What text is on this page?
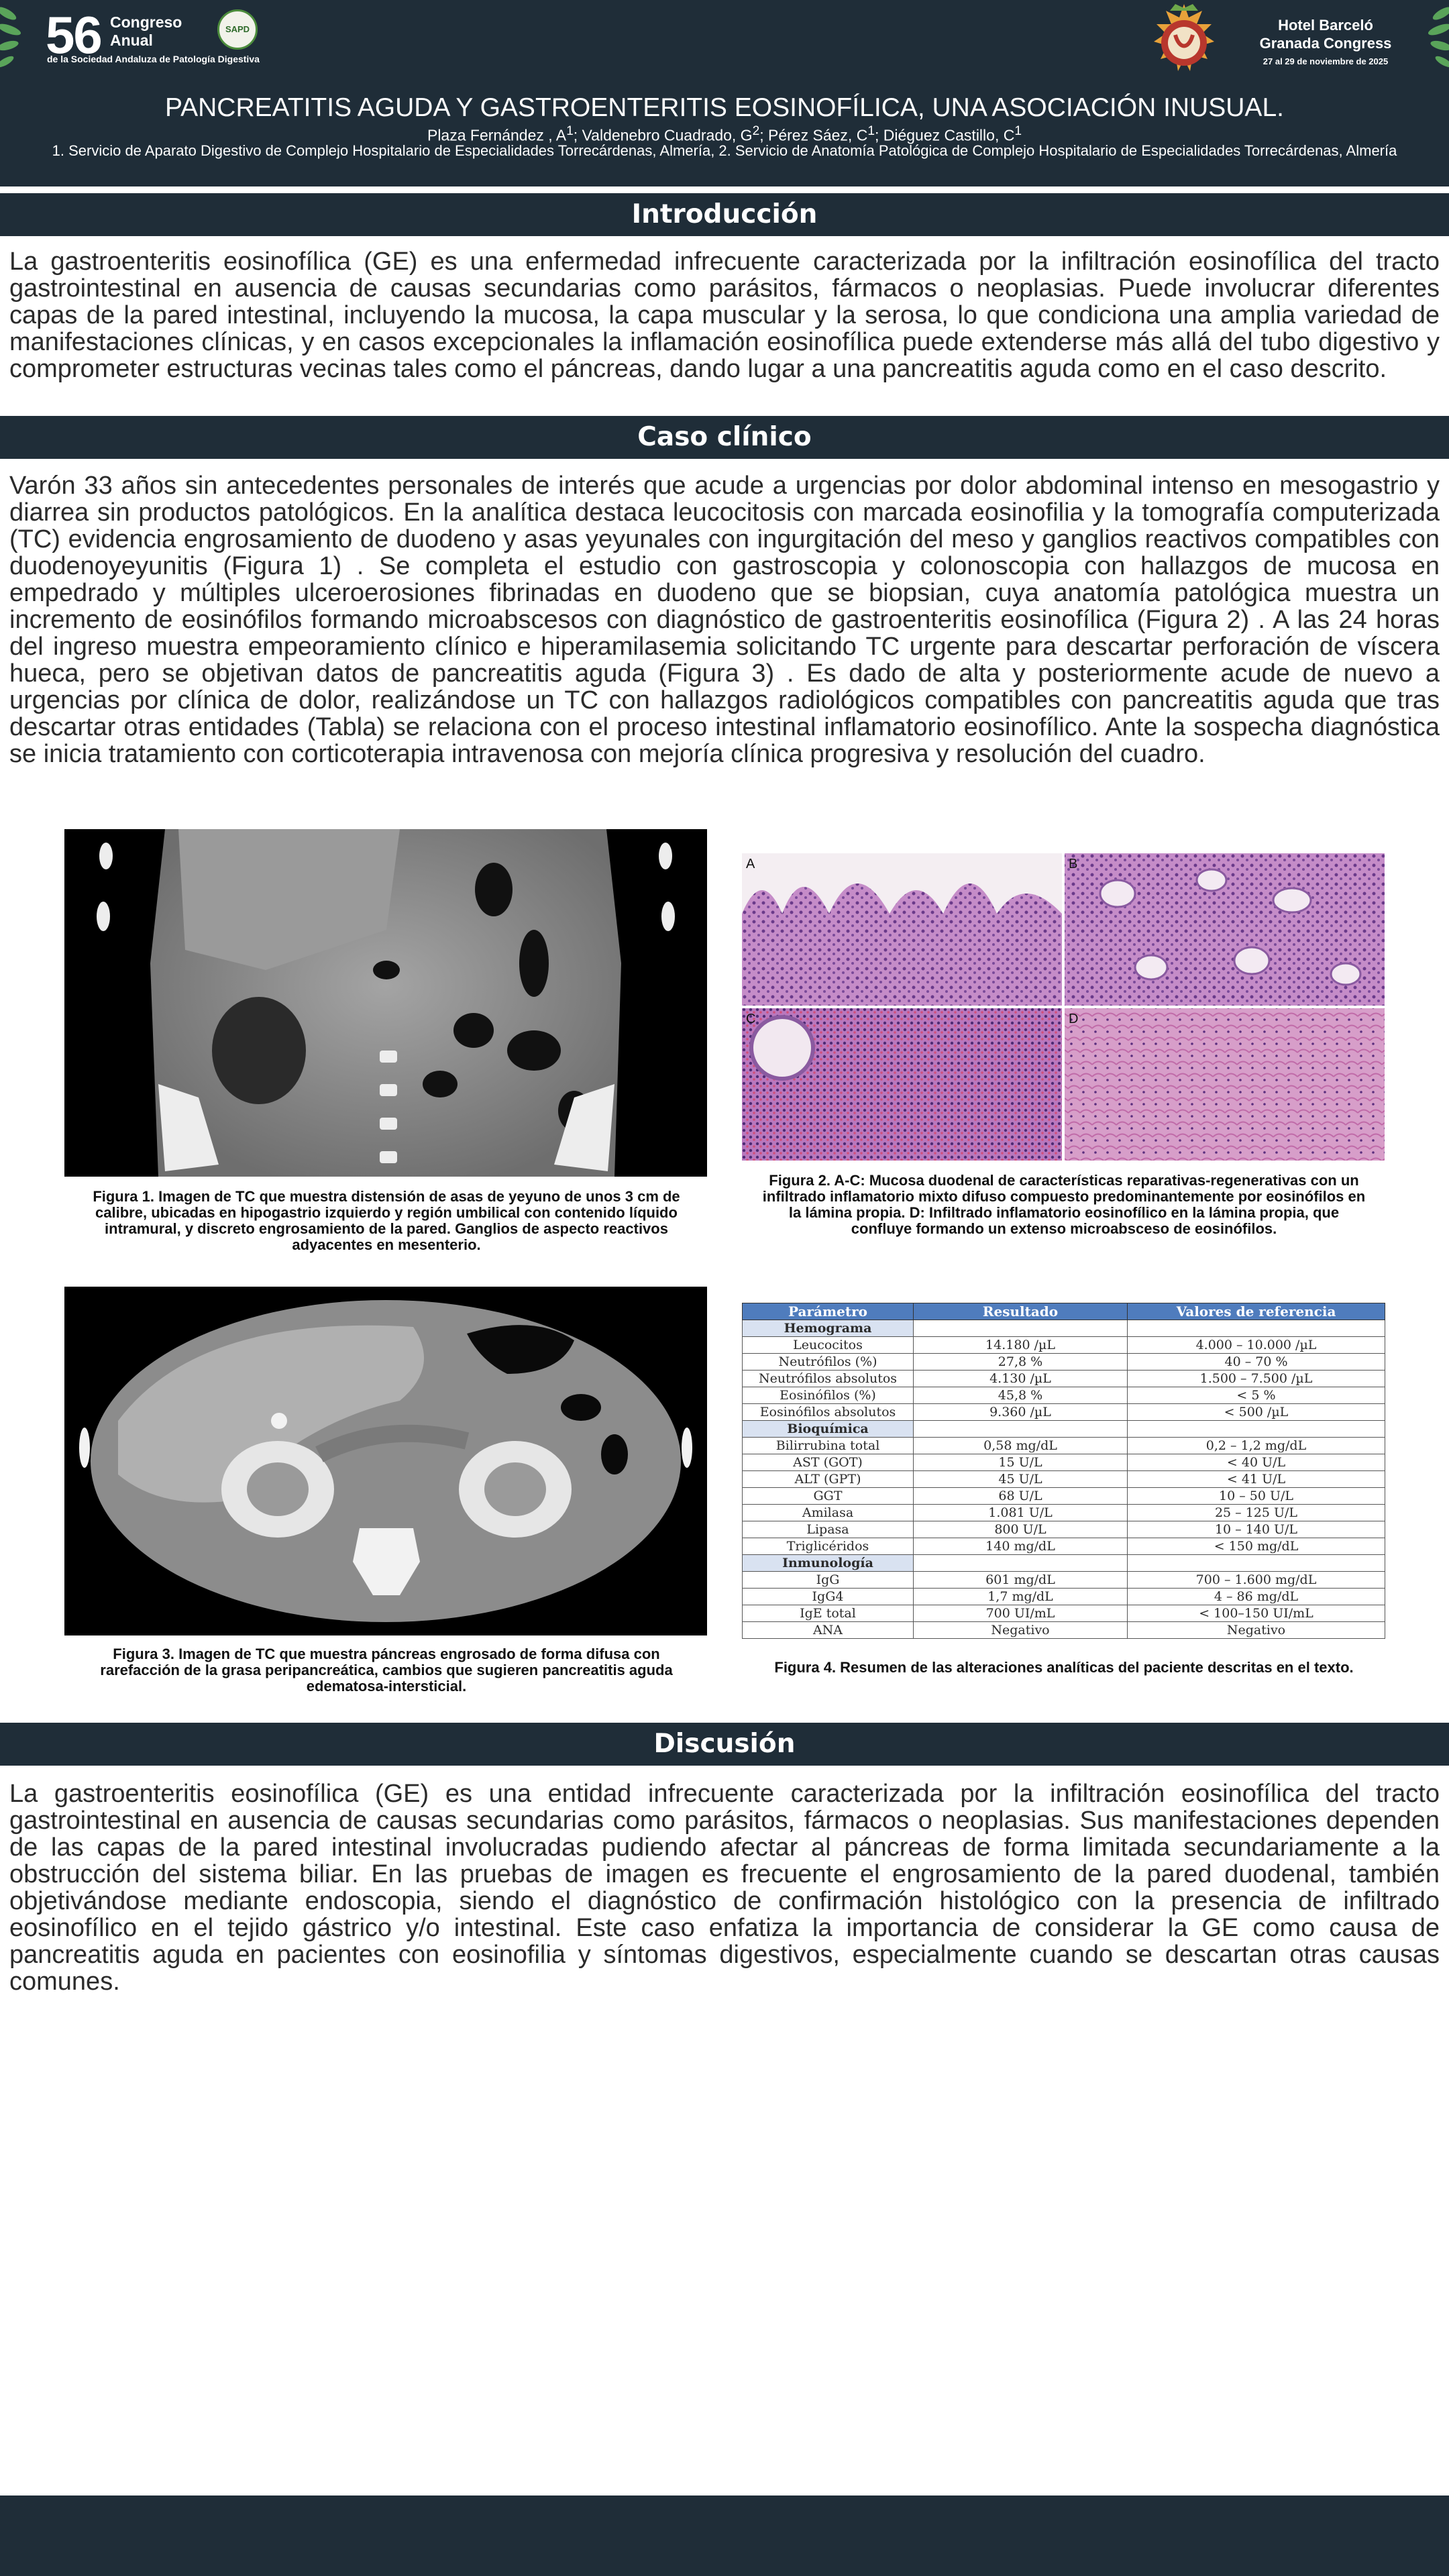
56 Congreso
Anual
de la Sociedad Andaluza de Patología Digestiva
SAPD	Hotel Barceló
Granada Congress
27 al 29 de noviembre de 2025
PANCREATITIS AGUDA Y GASTROENTERITIS EOSINOFÍLICA, UNA ASOCIACIÓN INUSUAL.
Plaza Fernández , $A^1$; Valdenebro Cuadrado, $G^2$; Pérez Sáez, $C^1$; Diéguez Castillo, $C^1$
1. Servicio de Aparato Digestivo de Complejo Hospitalario de Especialidades Torrecárdenas, Almería, 2. Servicio de Anatomía Patológica de Complejo Hospitalario de Especialidades Torrecárdenas, Almería
Introducción
La gastroenteritis eosinofílica (GE) es una enfermedad infrecuente caracterizada por la infiltración eosinofílica del tracto gastrointestinal en ausencia de causas secundarias como parásitos, fármacos o neoplasias. Puede involucrar diferentes capas de la pared intestinal, incluyendo la mucosa, la capa muscular y la serosa, lo que condiciona una amplia variedad de manifestaciones clínicas, y en casos excepcionales la inflamación eosinofílica puede extenderse más allá del tubo digestivo y comprometer estructuras vecinas tales como el páncreas, dando lugar a una pancreatitis aguda como en el caso descrito.
Caso clínico
Varón 33 años sin antecedentes personales de interés que acude a urgencias por dolor abdominal intenso en mesogastrio y diarrea sin productos patológicos. En la analítica destaca leucocitosis con marcada eosinofilia y la tomografía computerizada (TC) evidencia engrosamiento de duodeno y asas yeyunales con ingurgitación del meso y ganglios reactivos compatibles con duodenoyeyunitis (Figura 1) . Se completa el estudio con gastroscopia y colonoscopia con hallazgos de mucosa en empedrado y múltiples ulceroerosiones fibrinadas en duodeno que se biopsian, cuya anatomía patológica muestra un incremento de eosinófilos formando microabscesos con diagnóstico de gastroenteritis eosinofílica (Figura 2) . A las 24 horas del ingreso muestra empeoramiento clínico e hiperamilasemia solicitando TC urgente para descartar perforación de víscera hueca, pero se objetivan datos de pancreatitis aguda (Figura 3) . Es dado de alta y posteriormente acude de nuevo a urgencias por clínica de dolor, realizándose un TC con hallazgos radiológicos compatibles con pancreatitis aguda que tras descartar otras entidades (Tabla) se relaciona con el proceso intestinal inflamatorio eosinofílico. Ante la sospecha diagnóstica se inicia tratamiento con corticoterapia intravenosa con mejoría clínica progresiva y resolución del cuadro.
Figura 1. Imagen de TC que muestra distensión de asas de yeyuno de unos 3 cm de calibre, ubicadas en hipogastrio izquierdo y región umbilical con contenido líquido intramural, y discreto engrosamiento de la pared. Ganglios de aspecto reactivos adyacentes en mesenterio.
A	B
C	D
Figura 2. A-C: Mucosa duodenal de características reparativas-regenerativas con un infiltrado inflamatorio mixto difuso compuesto predominantemente por eosinófilos en la lámina propia. D: Infiltrado inflamatorio eosinofílico en la lámina propia, que confluye formando un extenso microabsceso de eosinófilos.
Figura 3. Imagen de TC que muestra páncreas engrosado de forma difusa con rarefacción de la grasa peripancreática, cambios que sugieren pancreatitis aguda edematosa-intersticial.
Parámetro	Resultado	Valores de referencia
Hemograma		
Leucocitos	14.180 /µL	4.000 – 10.000 /µL
Neutrófilos (%)	27,8 %	40 – 70 %
Neutrófilos absolutos	4.130 /µL	1.500 – 7.500 /µL
Eosinófilos (%)	45,8 %	< 5 %
Eosinófilos absolutos	9.360 /µL	< 500 /µL
Bioquímica		
Bilirrubina total	0,58 mg/dL	0,2 – 1,2 mg/dL
AST (GOT)	15 U/L	< 40 U/L
ALT (GPT)	45 U/L	< 41 U/L
GGT	68 U/L	10 – 50 U/L
Amilasa	1.081 U/L	25 – 125 U/L
Lipasa	800 U/L	10 – 140 U/L
Triglicéridos	140 mg/dL	< 150 mg/dL
Inmunología		
IgG	601 mg/dL	700 – 1.600 mg/dL
IgG4	1,7 mg/dL	4 – 86 mg/dL
IgE total	700 UI/mL	< 100–150 UI/mL
ANA	Negativo	Negativo
Figura 4. Resumen de las alteraciones analíticas del paciente descritas en el texto.
Discusión
La gastroenteritis eosinofílica (GE) es una entidad infrecuente caracterizada por la infiltración eosinofílica del tracto gastrointestinal en ausencia de causas secundarias como parásitos, fármacos o neoplasias. Sus manifestaciones dependen de las capas de la pared intestinal involucradas pudiendo afectar al páncreas de forma limitada secundariamente a la obstrucción del sistema biliar. En las pruebas de imagen es frecuente el engrosamiento de la pared duodenal, también objetivándose mediante endoscopia, siendo el diagnóstico de confirmación histológico con la presencia de infiltrado eosinofílico en el tejido gástrico y/o intestinal. Este caso enfatiza la importancia de considerar la GE como causa de pancreatitis aguda en pacientes con eosinofilia y síntomas digestivos, especialmente cuando se descartan otras causas comunes.
